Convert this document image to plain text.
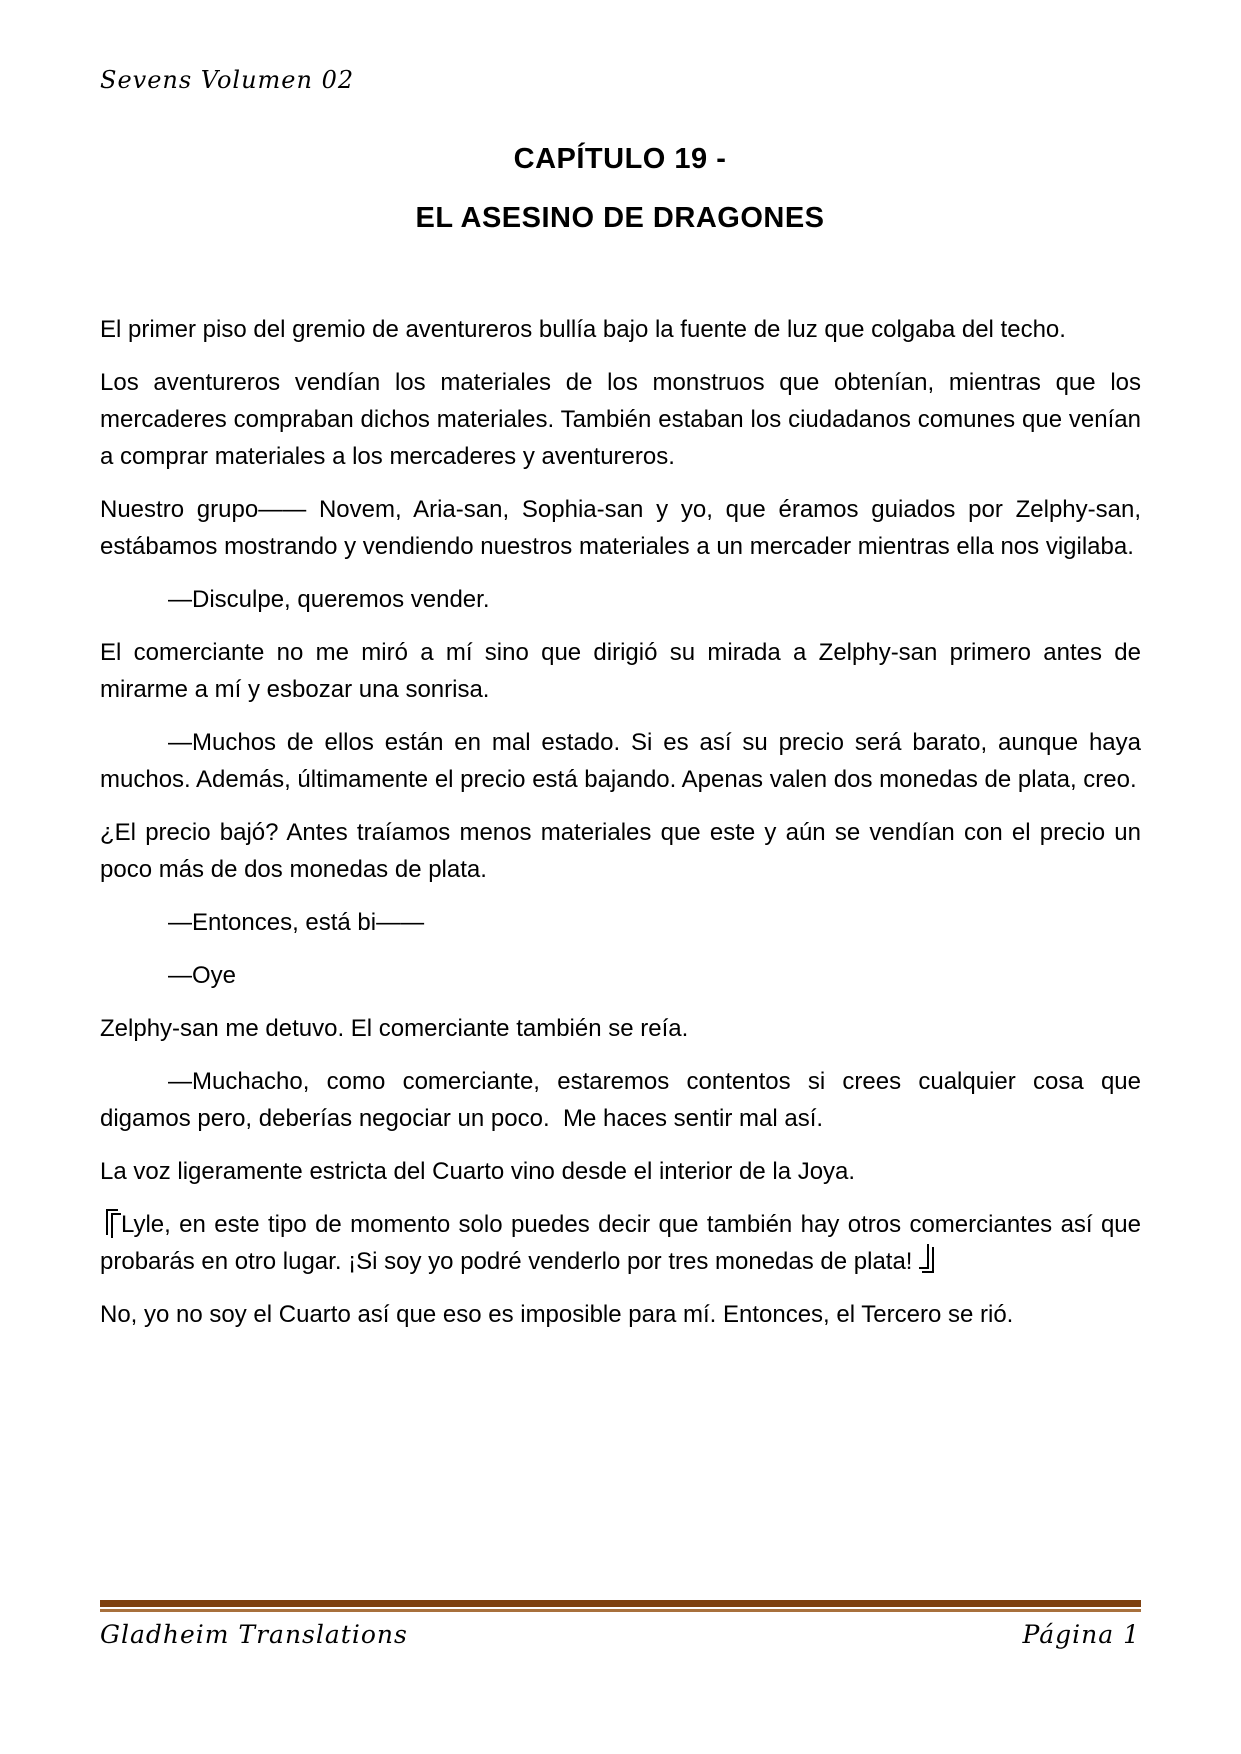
Sevens Volumen 02
CAPÍTULO 19 -
EL ASESINO DE DRAGONES

El primer piso del gremio de aventureros bullía bajo la fuente de luz que colgaba del techo.

Los aventureros vendían los materiales de los monstruos que obtenían, mientras que los mercaderes compraban dichos materiales. También estaban los ciudadanos comunes que venían a comprar materiales a los mercaderes y aventureros.

Nuestro grupo—— Novem, Aria-san, Sophia-san y yo, que éramos guiados por Zelphy-san, estábamos mostrando y vendiendo nuestros materiales a un mercader mientras ella nos vigilaba.

—Disculpe, queremos vender.

El comerciante no me miró a mí sino que dirigió su mirada a Zelphy-san primero antes de mirarme a mí y esbozar una sonrisa.

—Muchos de ellos están en mal estado. Si es así su precio será barato, aunque haya muchos. Además, últimamente el precio está bajando. Apenas valen dos monedas de plata, creo.

¿El precio bajó? Antes traíamos menos materiales que este y aún se vendían con el precio un poco más de dos monedas de plata.

—Entonces, está bi——

—Oye

Zelphy-san me detuvo. El comerciante también se reía.

—Muchacho, como comerciante, estaremos contentos si crees cualquier cosa que digamos pero, deberías negociar un poco.  Me haces sentir mal así.

La voz ligeramente estricta del Cuarto vino desde el interior de la Joya.

Lyle, en este tipo de momento solo puedes decir que también hay otros comerciantes así que probarás en otro lugar. ¡Si soy yo podré venderlo por tres monedas de plata!

No, yo no soy el Cuarto así que eso es imposible para mí. Entonces, el Tercero se rió.

Gladheim Translations	Página 1
